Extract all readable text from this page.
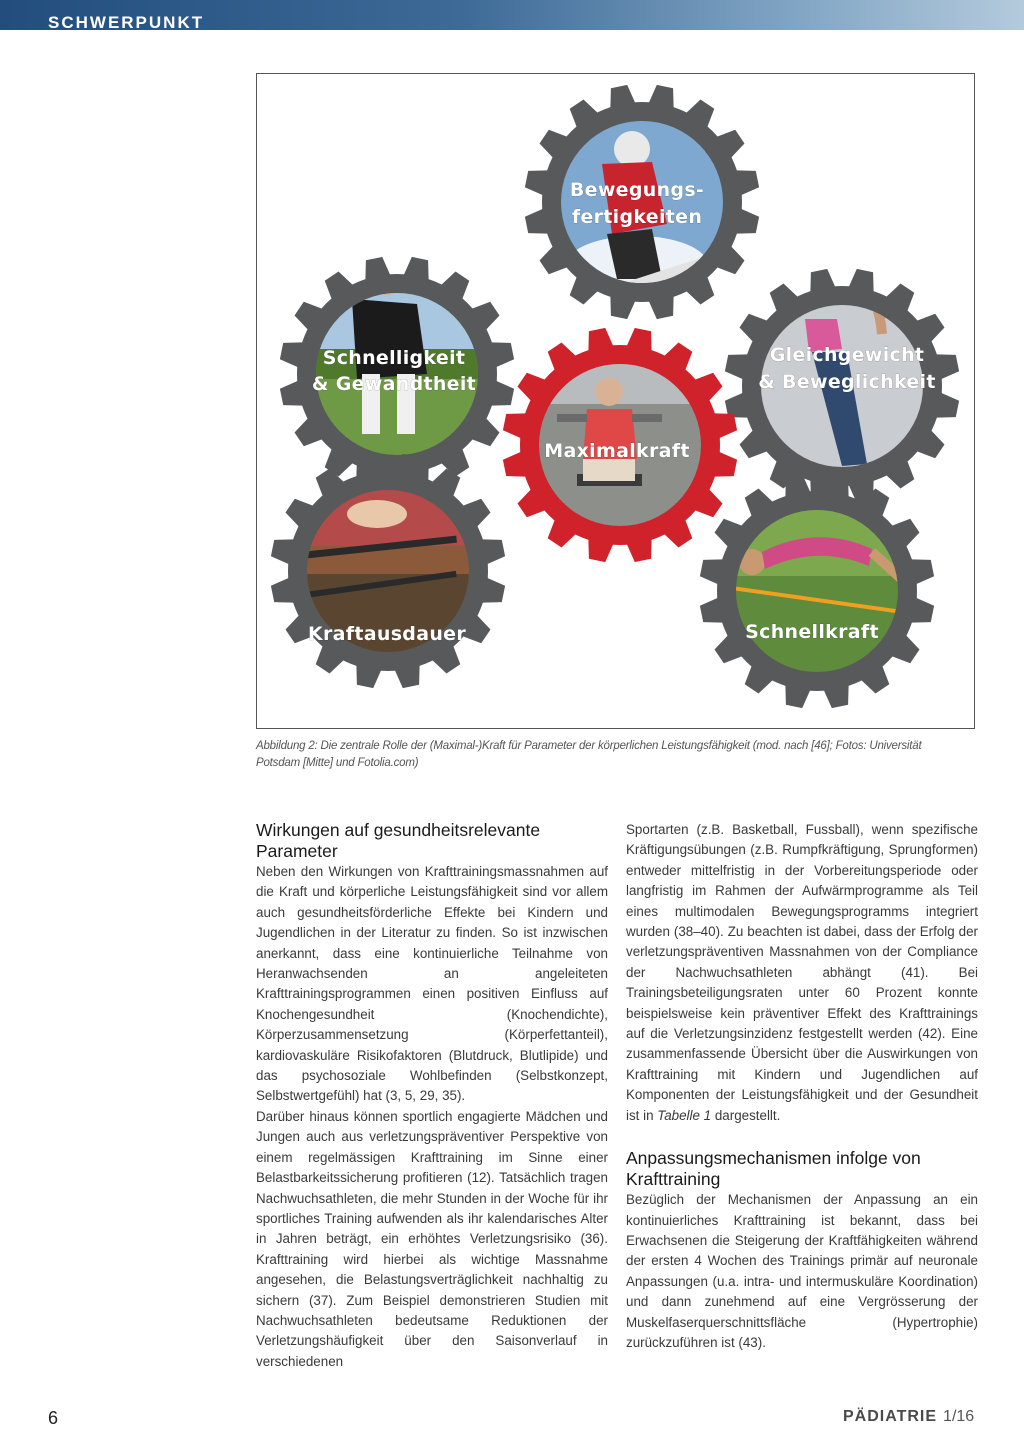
SCHWERPUNKT
Bewegungs-
fertigkeiten
Schnelligkeit
& Gewandtheit
Gleichgewicht
& Beweglichkeit
Maximalkraft
Kraftausdauer	Schnellkraft
Abbildung 2: Die zentrale Rolle der (Maximal-)Kraft für Parameter der körperlichen Leistungsfähigkeit (mod. nach [46]; Fotos: Universität Potsdam [Mitte] und Fotolia.com)
Wirkungen auf gesundheitsrelevante Parameter

Neben den Wirkungen von Krafttrainingsmassnahmen auf die Kraft und körperliche Leistungsfähigkeit sind vor allem auch gesundheitsförderliche Effekte bei Kindern und Jugendlichen in der Literatur zu finden. So ist inzwischen anerkannt, dass eine kontinuierliche Teilnahme von Heranwachsenden an angeleiteten Krafttrainingsprogrammen einen positiven Einfluss auf Knochengesundheit (Knochendichte), Körperzusammensetzung (Körperfettanteil), kardiovaskuläre Risikofaktoren (Blutdruck, Blutlipide) und das psychosoziale Wohlbefinden (Selbstkonzept, Selbstwertgefühl) hat (3, 5, 29, 35).

Darüber hinaus können sportlich engagierte Mädchen und Jungen auch aus verletzungspräventiver Perspektive von einem regelmässigen Krafttraining im Sinne einer Belastbarkeitssicherung profitieren (12). Tatsächlich tragen Nachwuchsathleten, die mehr Stunden in der Woche für ihr sportliches Training aufwenden als ihr kalendarisches Alter in Jahren beträgt, ein erhöhtes Verletzungsrisiko (36). Krafttraining wird hierbei als wichtige Massnahme angesehen, die Belastungsverträglichkeit nachhaltig zu sichern (37). Zum Beispiel demonstrieren Studien mit Nachwuchsathleten bedeutsame Reduktionen der Verletzungshäufigkeit über den Saisonverlauf in verschiedenen

Sportarten (z.B. Basketball, Fussball), wenn spezifische Kräftigungsübungen (z.B. Rumpfkräftigung, Sprungformen) entweder mittelfristig in der Vorbereitungsperiode oder langfristig im Rahmen der Aufwärmprogramme als Teil eines multimodalen Bewegungsprogramms integriert wurden (38–40). Zu beachten ist dabei, dass der Erfolg der verletzungspräventiven Massnahmen von der Compliance der Nachwuchsathleten abhängt (41). Bei Trainingsbeteiligungsraten unter 60 Prozent konnte beispielsweise kein präventiver Effekt des Krafttrainings auf die Verletzungsinzidenz festgestellt werden (42). Eine zusammenfassende Übersicht über die Auswirkungen von Krafttraining mit Kindern und Jugendlichen auf Komponenten der Leistungsfähigkeit und der Gesundheit ist in Tabelle 1 dargestellt.

Anpassungsmechanismen infolge von Krafttraining

Bezüglich der Mechanismen der Anpassung an ein kontinuierliches Krafttraining ist bekannt, dass bei Erwachsenen die Steigerung der Kraftfähigkeiten während der ersten 4 Wochen des Trainings primär auf neuronale Anpassungen (u.a. intra- und intermuskuläre Koordination) und dann zunehmend auf eine Vergrösserung der Muskelfaserquerschnittsfläche (Hypertrophie) zurückzuführen ist (43).

6	PÄDIATRIE 1/16
